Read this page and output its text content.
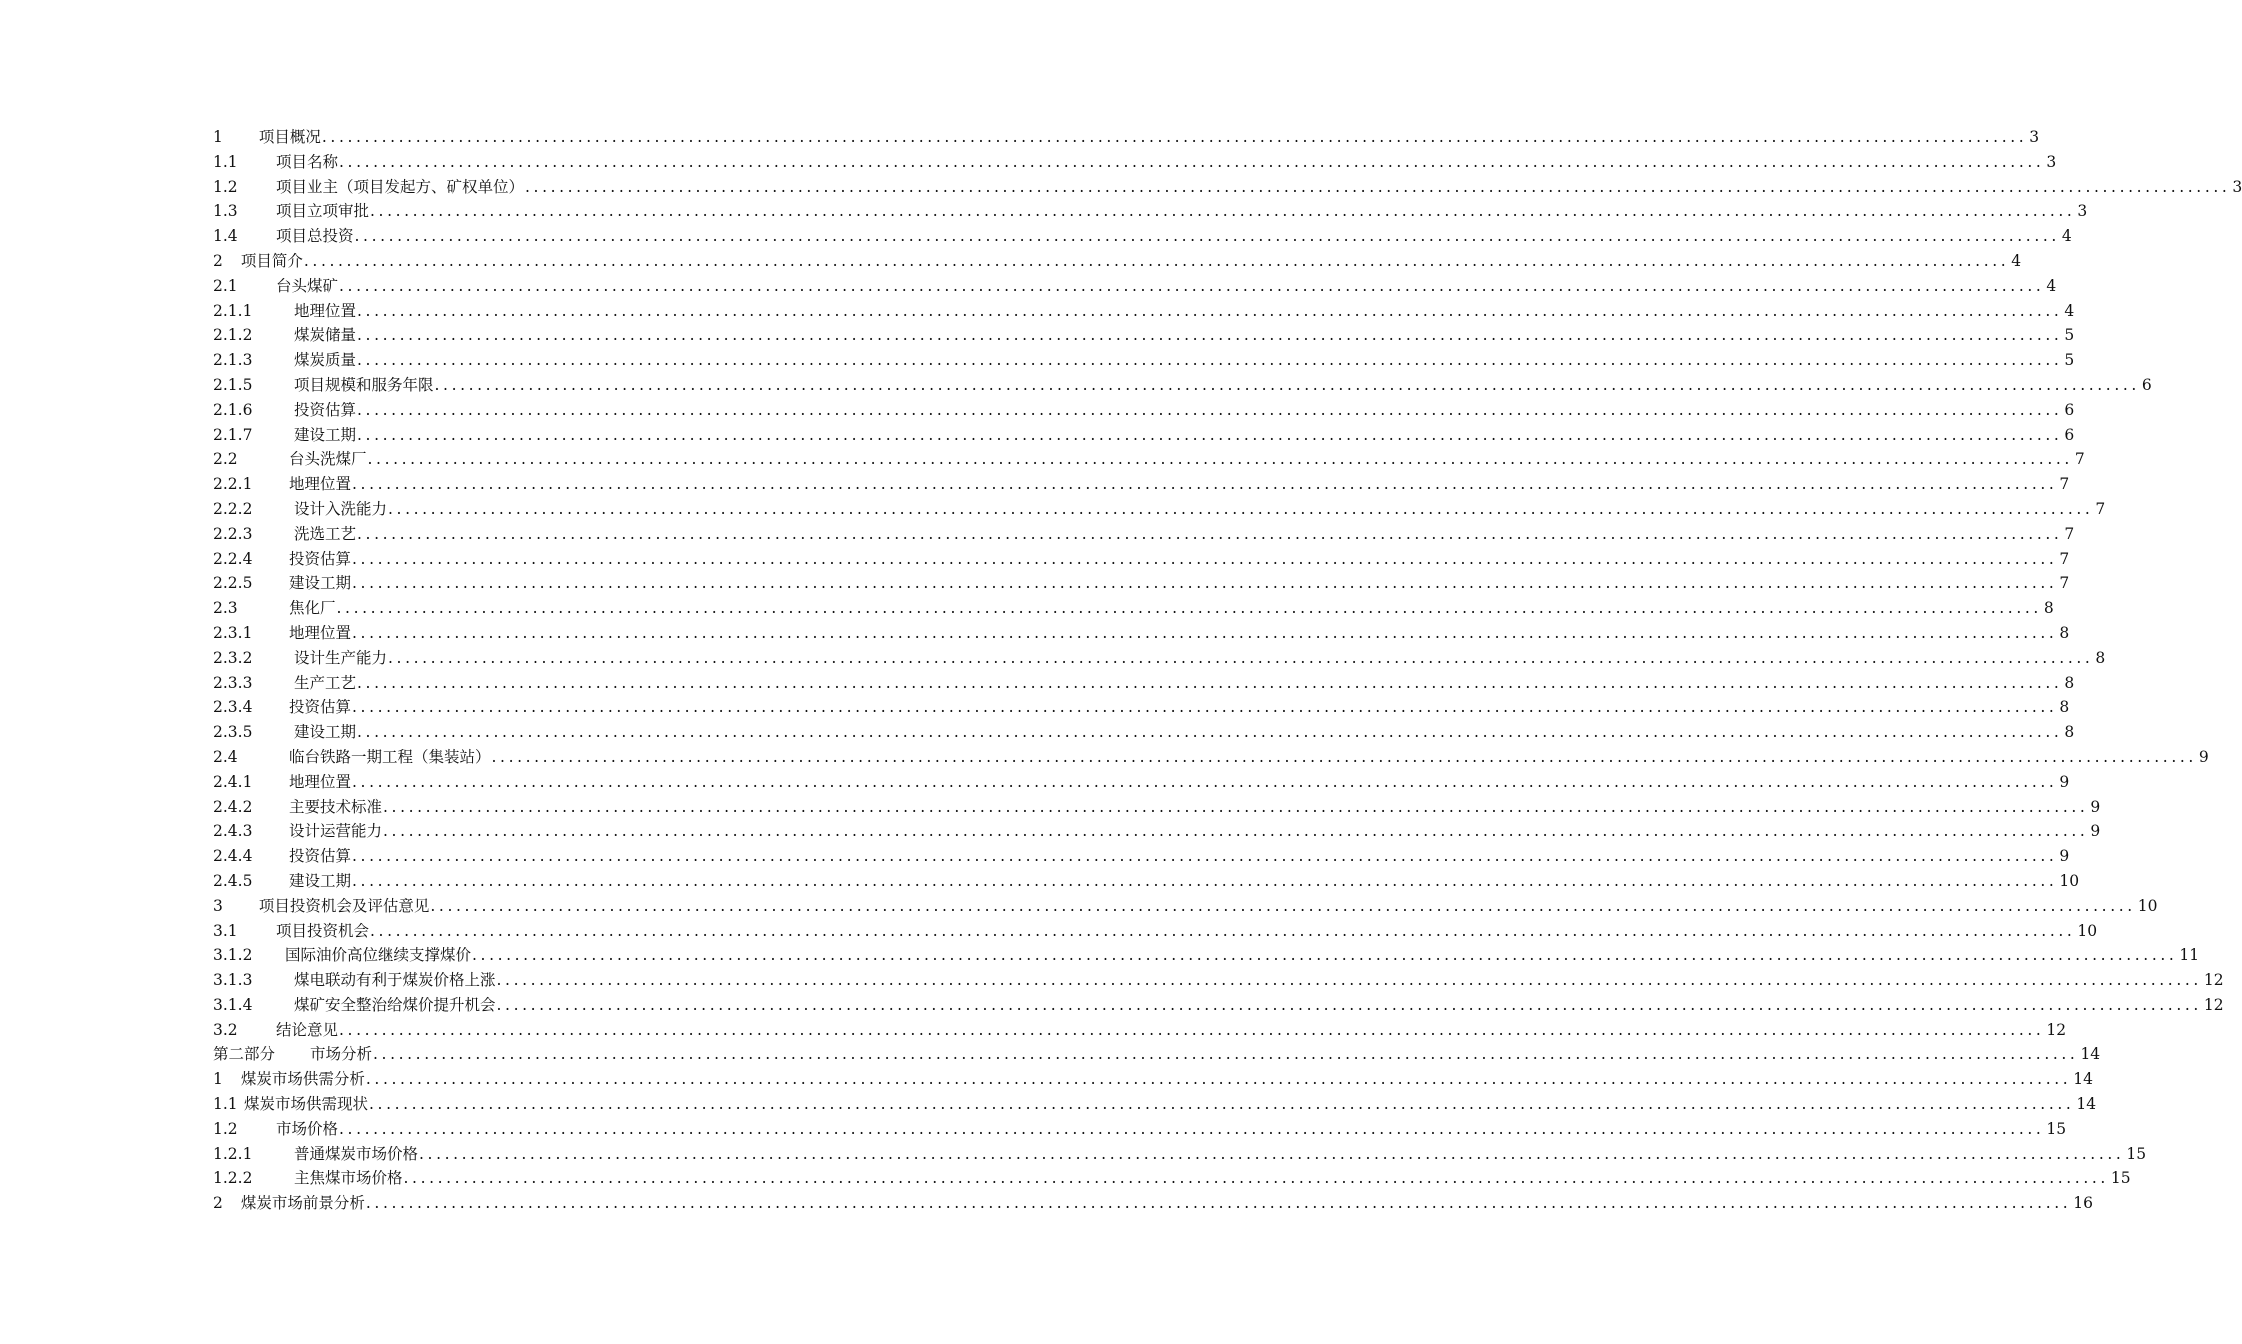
1 项目概况 ........................................................................................................................................................................................................ 3
1.1	项目名称 ........................................................................................................................................................................................................ 3
1.2	项目业主（项目发起方、矿权单位） ........................................................................................................................................................................................................ 3
1.3	项目立项审批 ........................................................................................................................................................................................................ 3
1.4	项目总投资 ........................................................................................................................................................................................................ 4
2 项目简介 ........................................................................................................................................................................................................ 4
2.1	台头煤矿 ........................................................................................................................................................................................................ 4
2.1.1	地理位置 ........................................................................................................................................................................................................ 4
2.1.2	煤炭储量 ........................................................................................................................................................................................................ 5
2.1.3	煤炭质量 ........................................................................................................................................................................................................ 5
2.1.5	项目规模和服务年限 ........................................................................................................................................................................................................ 6
2.1.6	投资估算 ........................................................................................................................................................................................................ 6
2.1.7	建设工期 ........................................................................................................................................................................................................ 6
2.2	台头洗煤厂 ........................................................................................................................................................................................................ 7
2.2.1	地理位置 ........................................................................................................................................................................................................ 7
2.2.2	设计入洗能力 ........................................................................................................................................................................................................ 7
2.2.3	洗选工艺 ........................................................................................................................................................................................................ 7
2.2.4	投资估算 ........................................................................................................................................................................................................ 7
2.2.5	建设工期 ........................................................................................................................................................................................................ 7
2.3	焦化厂 ........................................................................................................................................................................................................ 8
2.3.1	地理位置 ........................................................................................................................................................................................................ 8
2.3.2	设计生产能力 ........................................................................................................................................................................................................ 8
2.3.3	生产工艺 ........................................................................................................................................................................................................ 8
2.3.4	投资估算 ........................................................................................................................................................................................................ 8
2.3.5	建设工期 ........................................................................................................................................................................................................ 8
2.4	临台铁路一期工程（集装站） ........................................................................................................................................................................................................ 9
2.4.1	地理位置 ........................................................................................................................................................................................................ 9
2.4.2	主要技术标准 ........................................................................................................................................................................................................ 9
2.4.3	设计运营能力 ........................................................................................................................................................................................................ 9
2.4.4	投资估算 ........................................................................................................................................................................................................ 9
2.4.5	建设工期 ........................................................................................................................................................................................................ 10
3 项目投资机会及评估意见 ........................................................................................................................................................................................................ 10
3.1	项目投资机会 ........................................................................................................................................................................................................ 10
3.1.2	国际油价高位继续支撑煤价 ........................................................................................................................................................................................................ 11
3.1.3	煤电联动有利于煤炭价格上涨 ........................................................................................................................................................................................................ 12
3.1.4	煤矿安全整治给煤价提升机会 ........................................................................................................................................................................................................ 12
3.2	结论意见 ........................................................................................................................................................................................................ 12
第二部分 市场分析 ........................................................................................................................................................................................................ 14
1 煤炭市场供需分析 ........................................................................................................................................................................................................ 14
1.1 煤炭市场供需现状 ........................................................................................................................................................................................................ 14
1.2	市场价格 ........................................................................................................................................................................................................ 15
1.2.1	普通煤炭市场价格 ........................................................................................................................................................................................................ 15
1.2.2	主焦煤市场价格 ........................................................................................................................................................................................................ 15
2 煤炭市场前景分析 ........................................................................................................................................................................................................ 16
